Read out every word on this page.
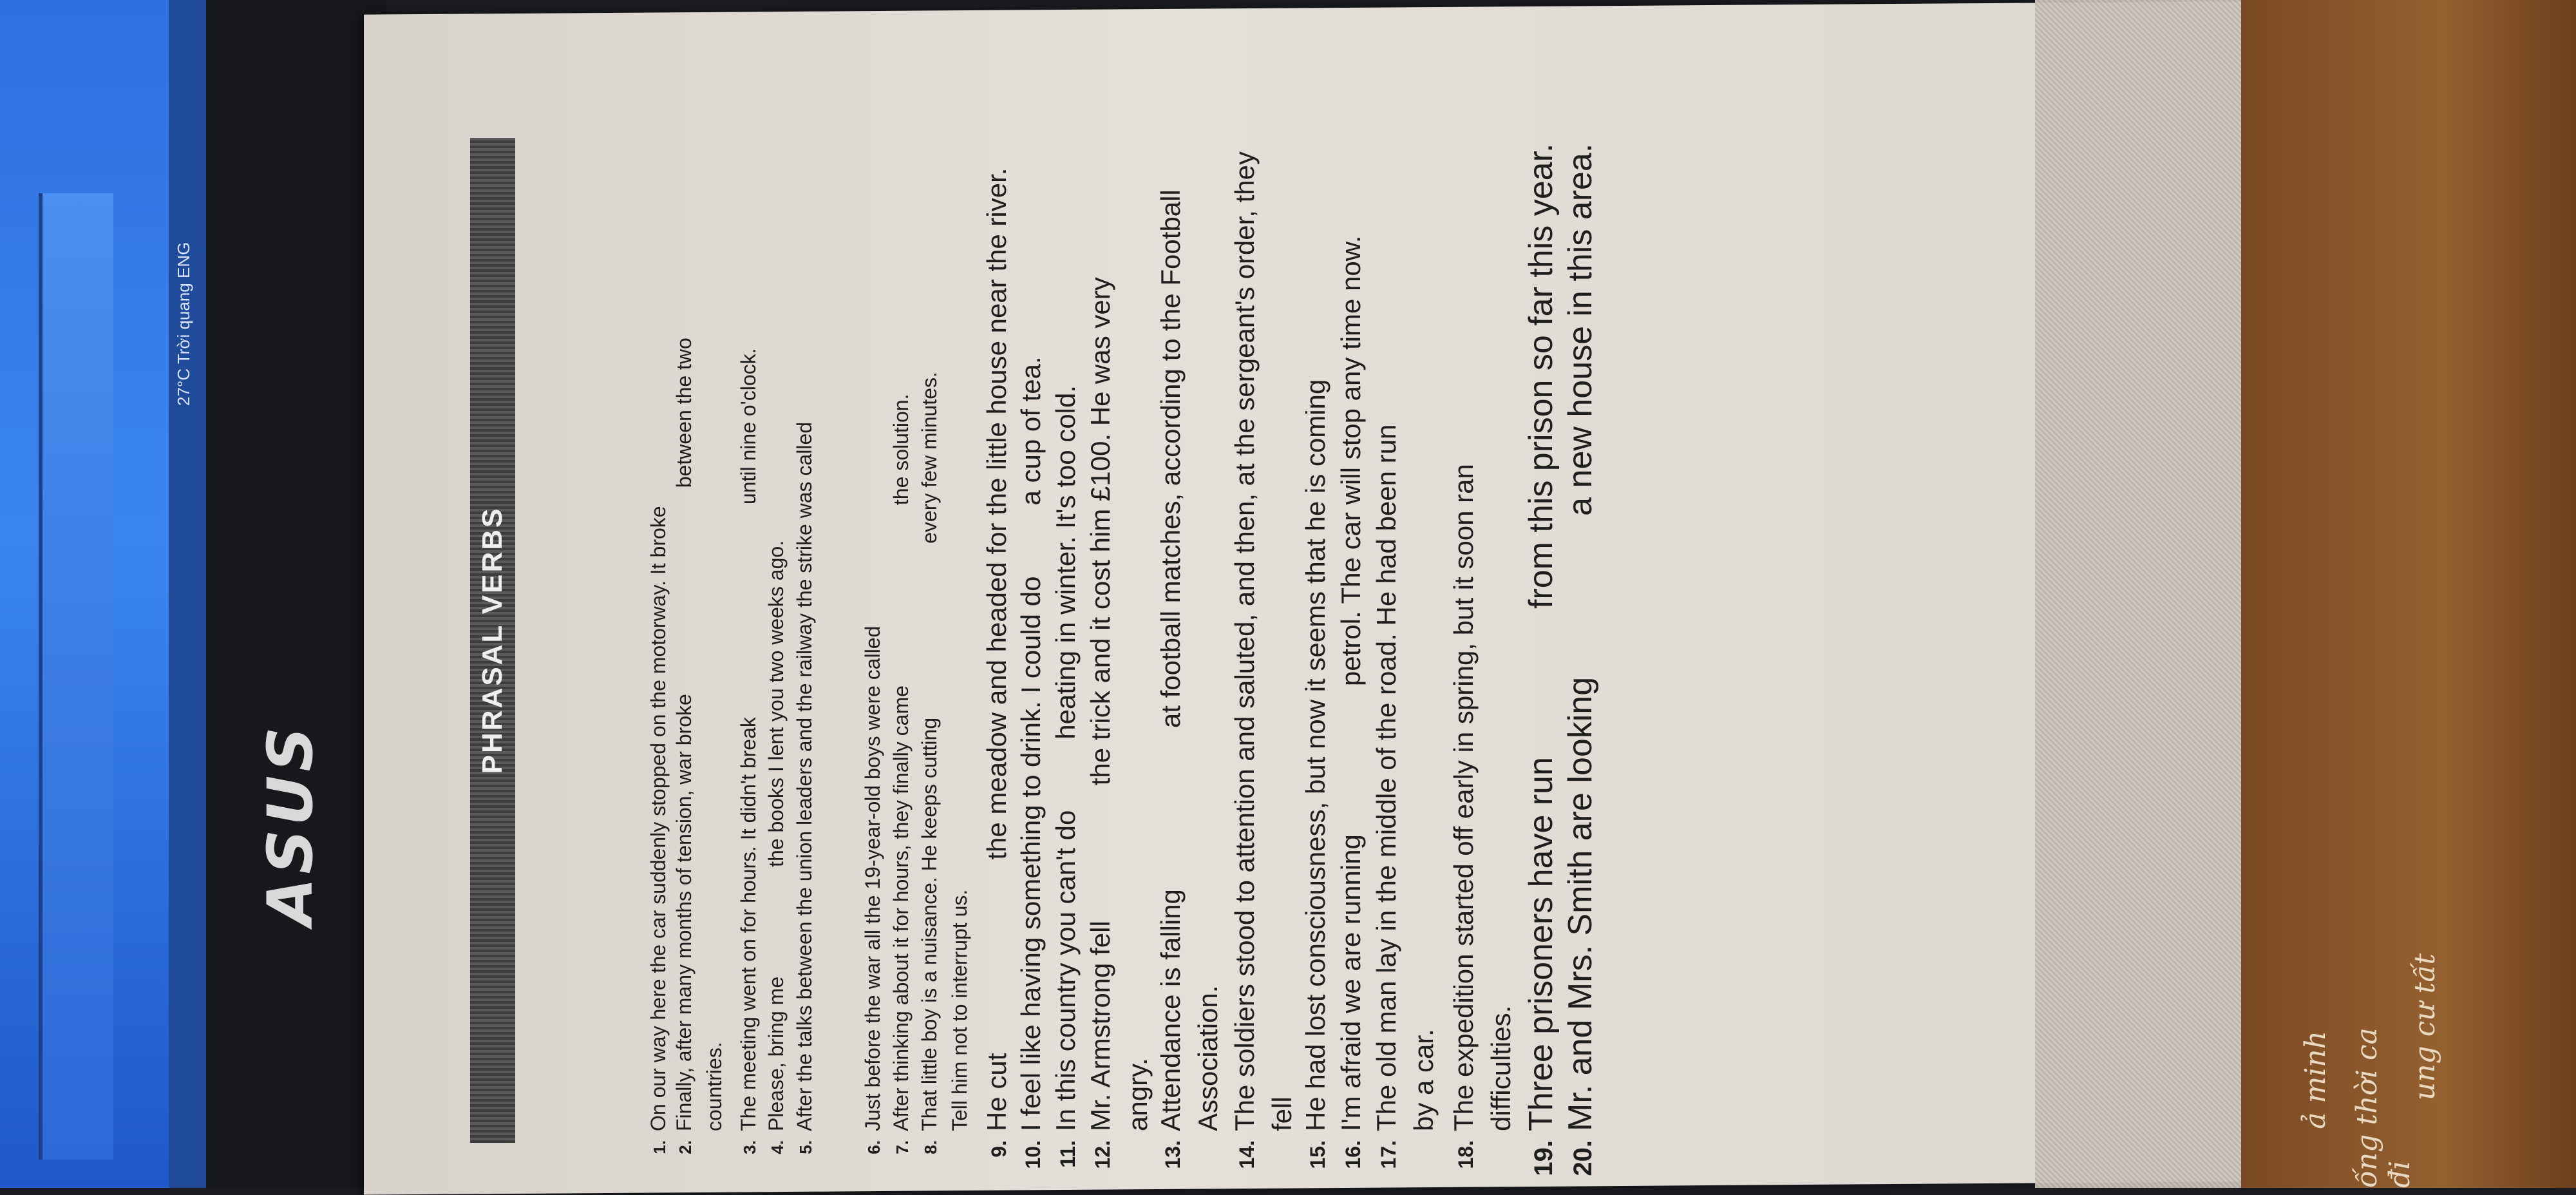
27°C Trời quang ENG
ASUS
ả minh ống thời ca đi
ung cư tất
PHRASAL VERBS
1.On our way here the car suddenly stopped on the motorway. It broke
2.Finally, after many months of tension, war brokebetween the two
countries.
3.The meeting went on for hours. It didn't breakuntil nine o'clock.
4.Please, bring methe books I lent you two weeks ago.
5.After the talks between the union leaders and the railway the strike was called
6.Just before the war all the 19-year-old boys were called
7.After thinking about it for hours, they finally camethe solution.
8.That little boy is a nuisance. He keeps cuttingevery few minutes.
Tell him not to interrupt us.
9.He cutthe meadow and headed for the little house near the river.
10.I feel like having something to drink. I could doa cup of tea.
11.In this country you can't doheating in winter. It's too cold.
12.Mr. Armstrong fellthe trick and it cost him £100. He was very
angry.
13.Attendance is fallingat football matches, according to the Football
Association.
14.The soldiers stood to attention and saluted, and then, at the sergeant's order, they fell
15.He had lost consciousness, but now it seems that he is coming
16.I'm afraid we are runningpetrol. The car will stop any time now.
17.The old man lay in the middle of the road. He had been run by a car.
18.The expedition started off early in spring, but it soon ran difficulties.
19.Three prisoners have runfrom this prison so far this year.
20.Mr. and Mrs. Smith are lookinga new house in this area.
